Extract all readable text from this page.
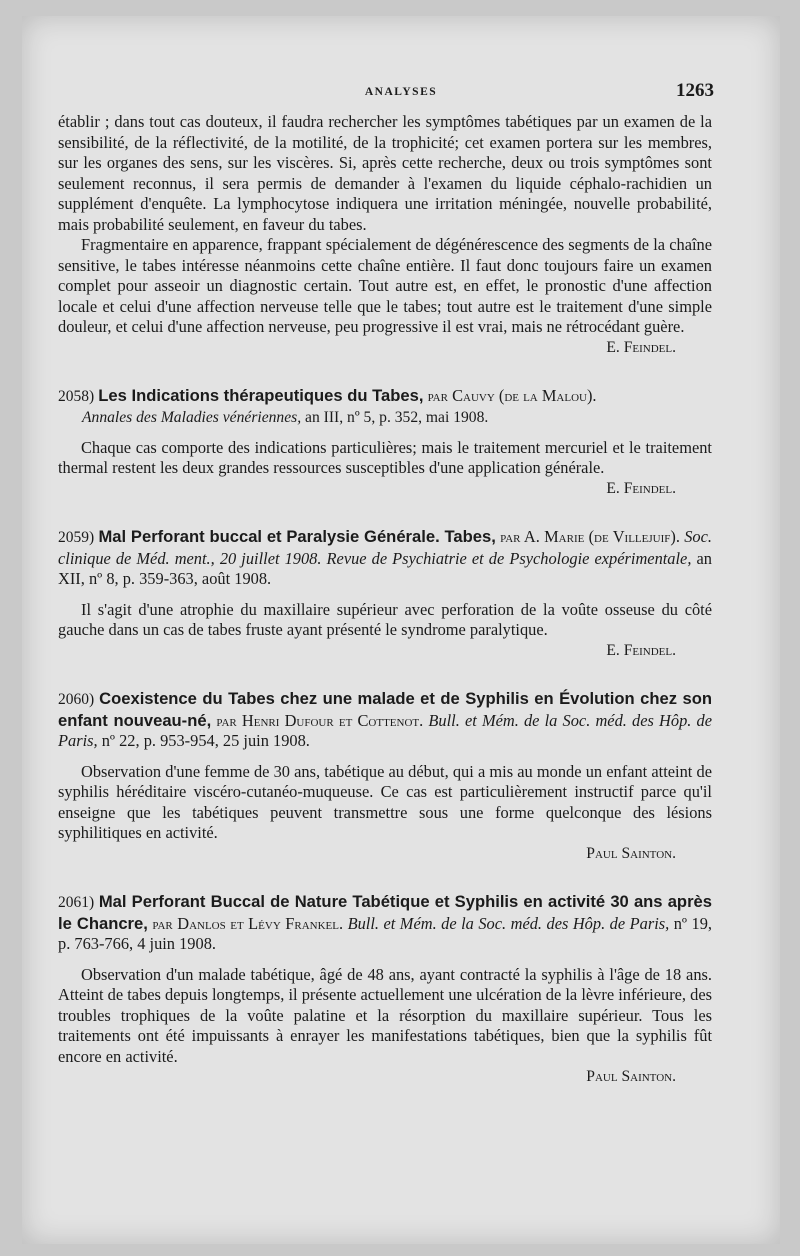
ANALYSES	1263

établir ; dans tout cas douteux, il faudra rechercher les symptômes tabétiques par un examen de la sensibilité, de la réflectivité, de la motilité, de la trophicité; cet examen portera sur les membres, sur les organes des sens, sur les viscères. Si, après cette recherche, deux ou trois symptômes sont seulement reconnus, il sera permis de demander à l'examen du liquide céphalo-rachidien un supplément d'enquête. La lymphocytose indiquera une irritation méningée, nouvelle probabilité, mais probabilité seulement, en faveur du tabes.

Fragmentaire en apparence, frappant spécialement de dégénérescence des segments de la chaîne sensitive, le tabes intéresse néanmoins cette chaîne entière. Il faut donc toujours faire un examen complet pour asseoir un diagnostic certain. Tout autre est, en effet, le pronostic d'une affection locale et celui d'une affection nerveuse telle que le tabes; tout autre est le traitement d'une simple douleur, et celui d'une affection nerveuse, peu progressive il est vrai, mais ne rétrocédant guère.

E. Feindel.

2058) Les Indications thérapeutiques du Tabes, par Cauvy (de la Malou).

Annales des Maladies vénériennes, an III, nº 5, p. 352, mai 1908.

Chaque cas comporte des indications particulières; mais le traitement mercuriel et le traitement thermal restent les deux grandes ressources susceptibles d'une application générale.

E. Feindel.

2059) Mal Perforant buccal et Paralysie Générale. Tabes, par A. Marie (de Villejuif). Soc. clinique de Méd. ment., 20 juillet 1908. Revue de Psychiatrie et de Psychologie expérimentale, an XII, nº 8, p. 359-363, août 1908.

Il s'agit d'une atrophie du maxillaire supérieur avec perforation de la voûte osseuse du côté gauche dans un cas de tabes fruste ayant présenté le syndrome paralytique.

E. Feindel.

2060) Coexistence du Tabes chez une malade et de Syphilis en Évolution chez son enfant nouveau-né, par Henri Dufour et Cottenot. Bull. et Mém. de la Soc. méd. des Hôp. de Paris, nº 22, p. 953-954, 25 juin 1908.

Observation d'une femme de 30 ans, tabétique au début, qui a mis au monde un enfant atteint de syphilis héréditaire viscéro-cutanéo-muqueuse. Ce cas est particulièrement instructif parce qu'il enseigne que les tabétiques peuvent transmettre sous une forme quelconque des lésions syphilitiques en activité.

Paul Sainton.

2061) Mal Perforant Buccal de Nature Tabétique et Syphilis en activité 30 ans après le Chancre, par Danlos et Lévy Frankel. Bull. et Mém. de la Soc. méd. des Hôp. de Paris, nº 19, p. 763-766, 4 juin 1908.

Observation d'un malade tabétique, âgé de 48 ans, ayant contracté la syphilis à l'âge de 18 ans. Atteint de tabes depuis longtemps, il présente actuellement une ulcération de la lèvre inférieure, des troubles trophiques de la voûte palatine et la résorption du maxillaire supérieur. Tous les traitements ont été impuissants à enrayer les manifestations tabétiques, bien que la syphilis fût encore en activité.

Paul Sainton.
